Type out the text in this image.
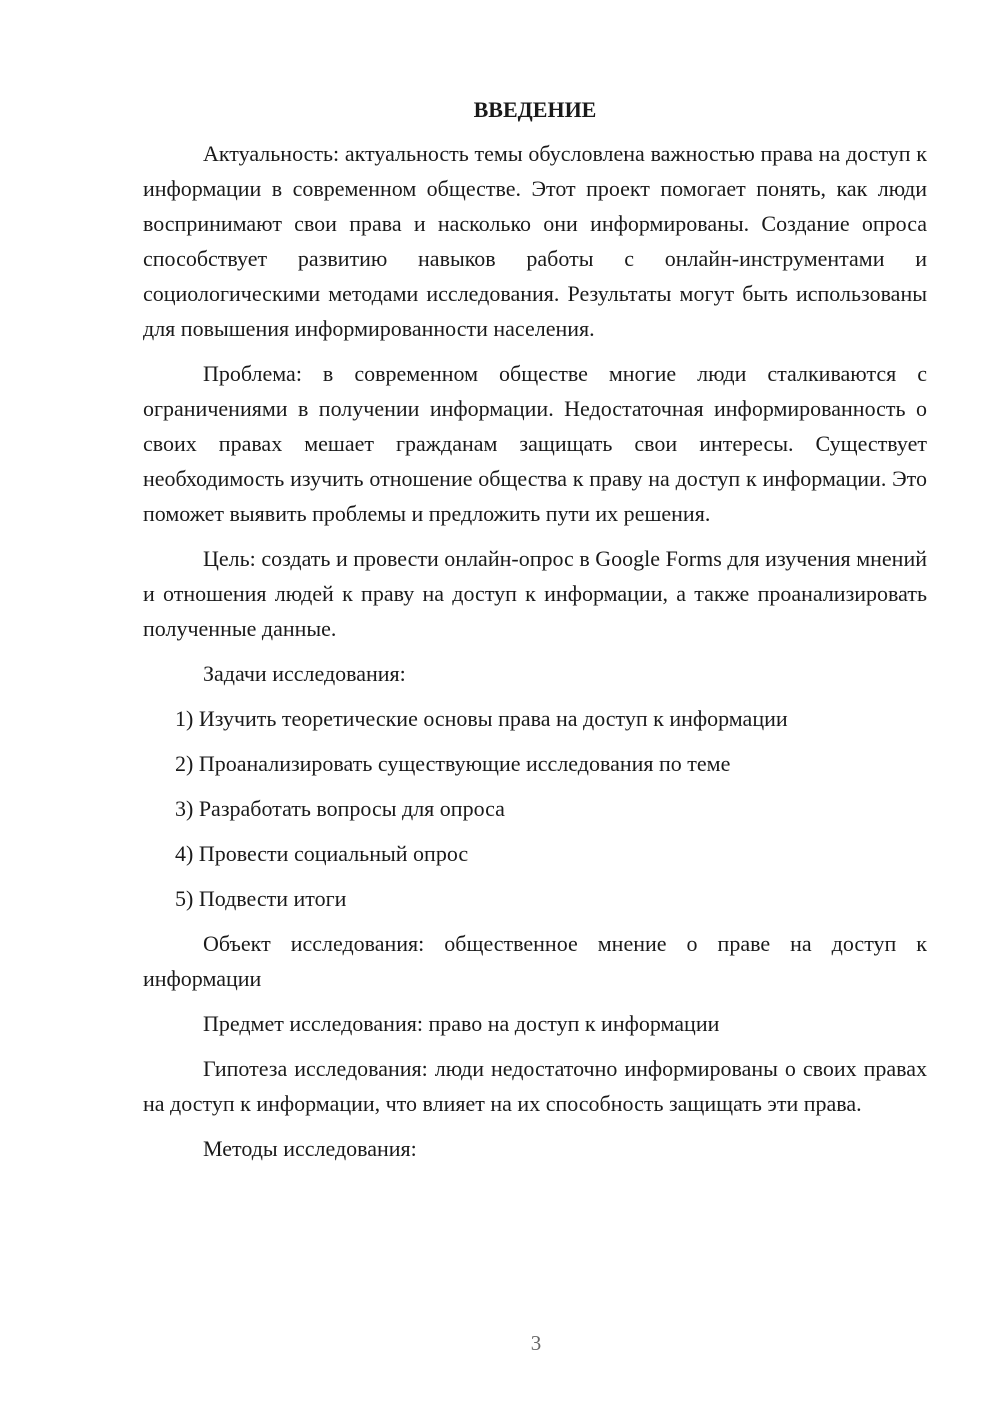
ВВЕДЕНИЕ

Актуальность: актуальность темы обусловлена важностью права на доступ к информации в современном обществе. Этот проект помогает понять, как люди воспринимают свои права и насколько они информированы. Создание опроса способствует развитию навыков работы с онлайн-инструментами и социологическими методами исследования. Результаты могут быть использованы для повышения информированности населения.

Проблема: в современном обществе многие люди сталкиваются с ограничениями в получении информации. Недостаточная информированность о своих правах мешает гражданам защищать свои интересы. Существует необходимость изучить отношение общества к праву на доступ к информации. Это поможет выявить проблемы и предложить пути их решения.

Цель: создать и провести онлайн-опрос в Google Forms для изучения мнений и отношения людей к праву на доступ к информации, а также проанализировать полученные данные.

Задачи исследования:

1) Изучить теоретические основы права на доступ к информации
2) Проанализировать существующие исследования по теме
3) Разработать вопросы для опроса
4) Провести социальный опрос
5) Подвести итоги

Объект исследования: общественное мнение о праве на доступ к информации

Предмет исследования: право на доступ к информации

Гипотеза исследования: люди недостаточно информированы о своих правах на доступ к информации, что влияет на их способность защищать эти права.

Методы исследования:

3
